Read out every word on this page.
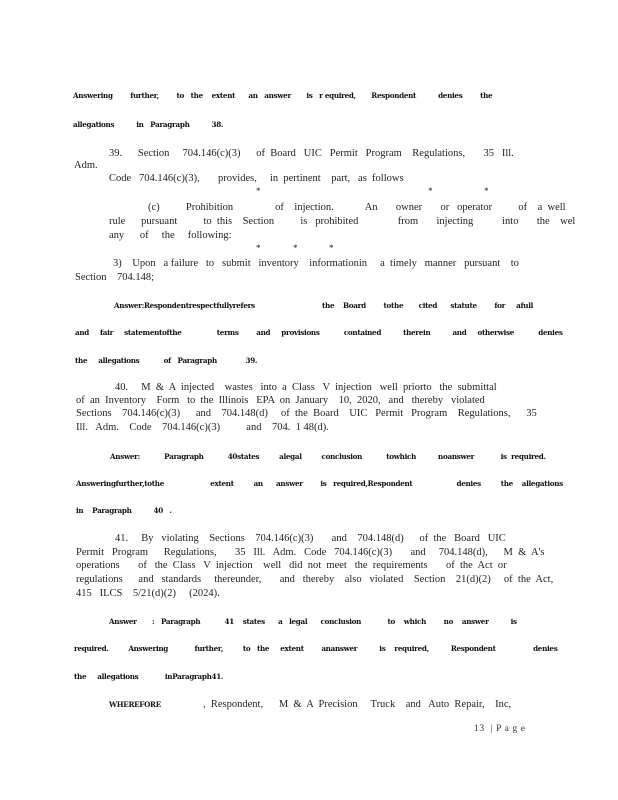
Answering        further,        to   the    extent      an   answer       is   r equired,       Respondent          denies        the
allegations          in   Paragraph          38.
39.      Section     704.146(c)(3)      of  Board   UIC   Permit   Program    Regulations,       35   Ill.
Adm.
Code   704.146(c)(3),       provides,     in  pertinent    part,   as  follows
*	*	*
(c)          Prohibition                of    injection.            An       owner       or   operator          of    a  well
rule      pursuant          to  this    Section          is   prohibited               from       injecting           into       the    wel
any      of     the     following:
*	*	*
3)    Upon   a failure   to   submit   inventory    informationin     a  timely   manner   pursuant    to
Section    704.148;
Answer:Respondentrespectfullyrefers	the    Board        tothe       cited      statute        for     afull
and     fair     statementofthe                terms        and     provisions           contained          therein          and     otherwise           denies
the     allegations           of   Paragraph             39.
40.     M  &  A  injected    wastes   into  a  Class   V  injection   well  priorto   the  submittal
of  an  Inventory    Form   to  the  Illinois   EPA  on  January    10,  2020,   and   thereby   violated
Sections    704.146(c)(3)      and    704.148(d)     of  the  Board    UIC   Permit   Program    Regulations,      35
Ill.   Adm.    Code    704.146(c)(3)          and    704.  1 48(d).
Answer:           Paragraph           40states         alegal         conclusion           towhich          noanswer            is  required.
Answeringfurther,tothe                     extent         an      answer        is   required,Respondent                    denies         the    allegations
in    Paragraph          40   .
41.     By   violating    Sections    704.146(c)(3)       and    704.148(d)      of  the   Board   UIC
Permit   Program      Regulations,       35   Ill.   Adm.   Code   704.146(c)(3)       and     704.148(d),      M  &  A's
operations       of   the  Class   V  injection    well   did  not  meet   the  requirements       of  the  Act  or
regulations      and   standards     thereunder,       and   thereby    also   violated    Section    21(d)(2)     of  the  Act,
415   ILCS    5/21(d)(2)     (2024).
Answer       :   Paragraph           41    states      a   legal      conclusion            to    which        no    answer          is
required.         Answering            further,         to   the     extent        ananswer          is    required,          Respondent                 denies
the     allegations            inParagraph41.
WHEREFORE	,  Respondent,      M  &  A  Precision     Truck    and   Auto  Repair,    Inc,
13  | P a g e
